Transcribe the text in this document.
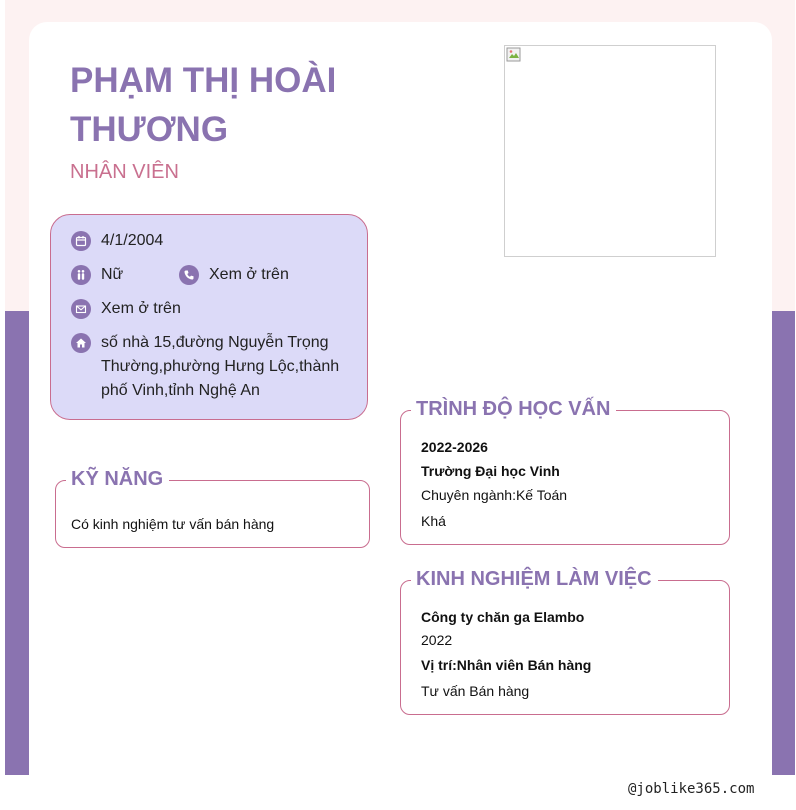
PHẠM THỊ HOÀI THƯƠNG
NHÂN VIÊN
4/1/2004
Nữ	Xem ở trên
Xem ở trên
số nhà 15,đường Nguyễn Trọng Thường,phường Hưng Lộc,thành phố Vinh,tỉnh Nghệ An
KỸ NĂNG
Có kinh nghiệm tư vấn bán hàng
TRÌNH ĐỘ HỌC VẤN
2022-2026
Trường Đại học Vinh
Chuyên ngành:Kế Toán
Khá
KINH NGHIỆM LÀM VIỆC
Công ty chăn ga Elambo
2022
Vị trí:Nhân viên Bán hàng
Tư vấn Bán hàng
@joblike365.com
